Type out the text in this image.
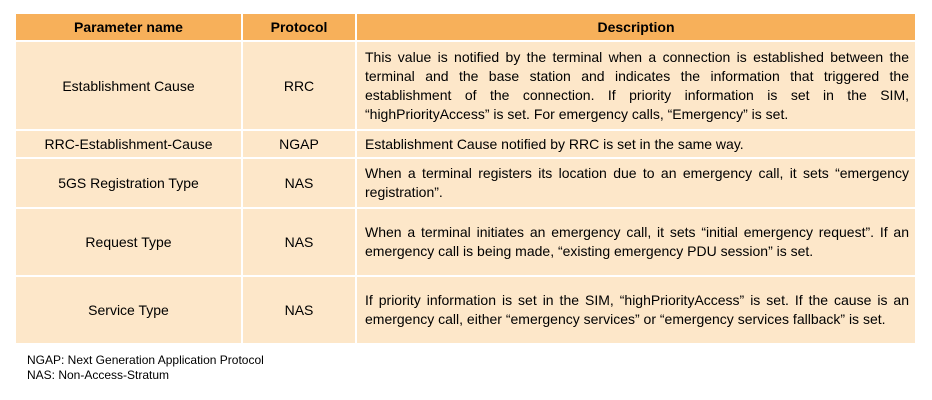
Parameter name	Protocol	Description
Establishment Cause	RRC	This value is notified by the terminal when a connection is established between the terminal and the base station and indicates the information that triggered the establishment of the connection. If priority information is set in the SIM, “highPriorityAccess” is set. For emergency calls, “Emergency” is set.
RRC-Establishment-Cause	NGAP	Establishment Cause notified by RRC is set in the same way.
5GS Registration Type	NAS	When a terminal registers its location due to an emergency call, it sets “emergency registration”.
Request Type	NAS	When a terminal initiates an emergency call, it sets “initial emergency request”. If an emergency call is being made, “existing emergency PDU session” is set.
Service Type	NAS	If priority information is set in the SIM, “highPriorityAccess” is set. If the cause is an emergency call, either “emergency services” or “emergency services fallback” is set.
NGAP: Next Generation Application Protocol
NAS: Non-Access-Stratum
